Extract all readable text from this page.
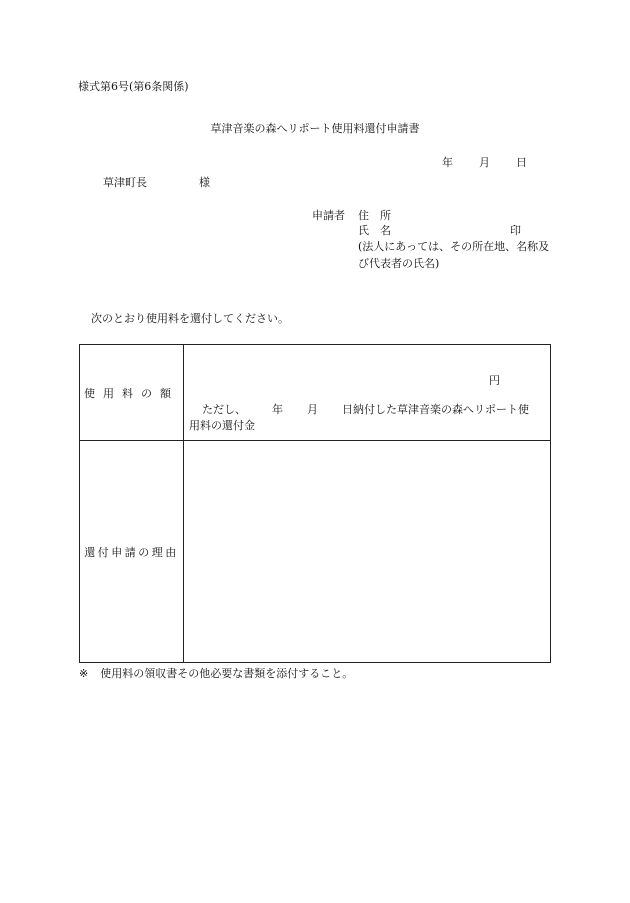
様式第6号(第6条関係)
草津音楽の森へリポート使用料還付申請書
年 月 日
草津町長	様
申請者 住　所
氏　名	印
(法人にあっては、その所在地、名称及び代表者の氏名)
次のとおり使用料を還付してください。
使用料の額
円
ただし、 年 月 日納付した草津音楽の森へリポート使
用料の還付金
還付申請の理由
※ 使用料の領収書その他必要な書類を添付すること。
